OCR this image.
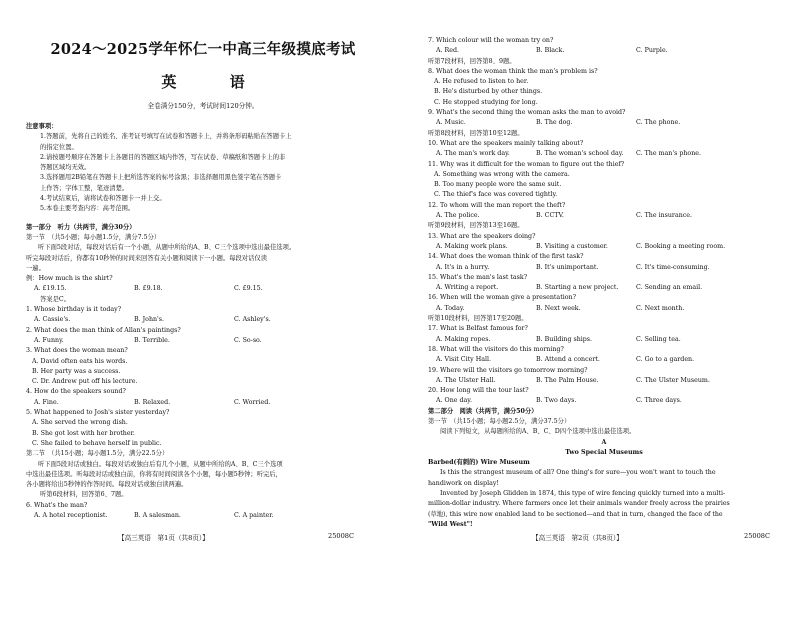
2024～2025学年怀仁一中高三年级摸底考试
英 语
全卷满分150分，考试时间120分钟。
注意事项：
1.答题前，先将自己的姓名、准考证号填写在试卷和答题卡上，并将条形码粘贴在答题卡上
的指定位置。
2.请按题号顺序在答题卡上各题目的答题区域内作答，写在试卷、草稿纸和答题卡上的非
答题区域均无效。
3.选择题用2B铅笔在答题卡上把所选答案的标号涂黑；非选择题用黑色签字笔在答题卡
上作答；字体工整，笔迹清楚。
4.考试结束后，请将试卷和答题卡一并上交。
5.本卷主要考查内容：高考范围。
第一部分　听力（共两节，满分30分）
第一节　（共5小题；每小题1.5分，满分7.5分）
听下面5段对话，每段对话后有一个小题，从题中所给的A、B、C三个选项中选出最佳选项。
听完每段对话后，你都有10秒钟的时间来回答有关小题和阅读下一小题。每段对话仅读
一遍。
例：How much is the shirt?
A. £19.15.	B. £9.18.	C. £9.15.
答案是C。
1. Whose birthday is it today?
A. Cassie's.	B. John's.	C. Ashley's.
2. What does the man think of Allan's paintings?
A. Funny.	B. Terrible.	C. So-so.
3. What does the woman mean?
A. David often eats his words.
B. Her party was a success.
C. Dr. Andrew put off his lecture.
4. How do the speakers sound?
A. Fine.	B. Relaxed.	C. Worried.
5. What happened to Josh's sister yesterday?
A. She served the wrong dish.
B. She got lost with her brother.
C. She failed to behave herself in public.
第二节　（共15小题；每小题1.5分，满分22.5分）
听下面5段对话或独白。每段对话或独白后有几个小题，从题中所给的A、B、C三个选项
中选出最佳选项。听每段对话或独白前，你将有时间阅读各个小题，每小题5秒钟；听完后，
各小题将给出5秒钟的作答时间。每段对话或独白读两遍。
听第6段材料，回答第6、7题。
6. What's the man?
A. A hotel receptionist.	B. A salesman.	C. A painter.
【高三英语　第1页（共8页）】	25008C
7. Which colour will the woman try on?
A. Red.	B. Black.	C. Purple.
听第7段材料，回答第8、9题。
8. What does the woman think the man's problem is?
A. He refused to listen to her.
B. He's disturbed by other things.
C. He stopped studying for long.
9. What's the second thing the woman asks the man to avoid?
A. Music.	B. The dog.	C. The phone.
听第8段材料，回答第10至12题。
10. What are the speakers mainly talking about?
A. The man's work day.	B. The woman's school day.	C. The man's phone.
11. Why was it difficult for the woman to figure out the thief?
A. Something was wrong with the camera.
B. Too many people wore the same suit.
C. The thief's face was covered tightly.
12. To whom will the man report the theft?
A. The police.	B. CCTV.	C. The insurance.
听第9段材料，回答第13至16题。
13. What are the speakers doing?
A. Making work plans.	B. Visiting a customer.	C. Booking a meeting room.
14. What does the woman think of the first task?
A. It's in a hurry.	B. It's unimportant.	C. It's time-consuming.
15. What's the man's last task?
A. Writing a report.	B. Starting a new project.	C. Sending an email.
16. When will the woman give a presentation?
A. Today.	B. Next week.	C. Next month.
听第10段材料，回答第17至20题。
17. What is Belfast famous for?
A. Making ropes.	B. Building ships.	C. Selling tea.
18. What will the visitors do this morning?
A. Visit City Hall.	B. Attend a concert.	C. Go to a garden.
19. Where will the visitors go tomorrow morning?
A. The Ulster Hall.	B. The Palm House.	C. The Ulster Museum.
20. How long will the tour last?
A. One day.	B. Two days.	C. Three days.
第二部分　阅读（共两节，满分50分）
第一节　（共15小题；每小题2.5分，满分37.5分）
阅读下列短文，从每题所给的A、B、C、D四个选项中选出最佳选项。
A
Two Special Museums
Barbed(有刺的) Wire Museum
Is this the strangest museum of all? One thing's for sure—you won't want to touch the
handiwork on display!
Invented by Joseph Glidden in 1874, this type of wire fencing quickly turned into a multi-
million-dollar industry. Where farmers once let their animals wander freely across the prairies
(草地), this wire now enabled land to be sectioned—and that in turn, changed the face of the
"Wild West"!
【高三英语　第2页（共8页）】	25008C
